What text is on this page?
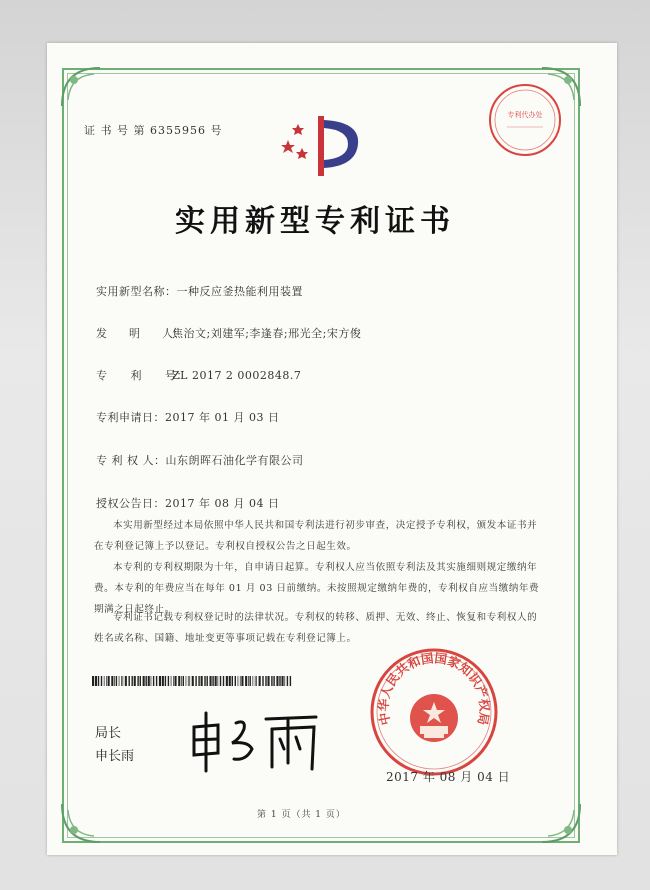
专利代办处
证 书 号 第 6355956 号
实用新型专利证书
实用新型名称：一种反应釜热能利用装置
发　　明　　人：焦治文;刘建军;李逢春;邢光全;宋方俊
专　　利　　号：ZL 2017 2 0002848.7
专利申请日：2017 年 01 月 03 日
专 利 权 人：山东朗晖石油化学有限公司
授权公告日：2017 年 08 月 04 日
本实用新型经过本局依照中华人民共和国专利法进行初步审查，决定授予专利权，颁发本证书并在专利登记簿上予以登记。专利权自授权公告之日起生效。
本专利的专利权期限为十年，自申请日起算。专利权人应当依照专利法及其实施细则规定缴纳年费。本专利的年费应当在每年 01 月 03 日前缴纳。未按照规定缴纳年费的，专利权自应当缴纳年费期满之日起终止。
专利证书记载专利权登记时的法律状况。专利权的转移、质押、无效、终止、恢复和专利权人的姓名或名称、国籍、地址变更等事项记载在专利登记簿上。
局长
申长雨
中华人民共和国国家知识产权局
2017 年 08 月 04 日
第 1 页（共 1 页）
